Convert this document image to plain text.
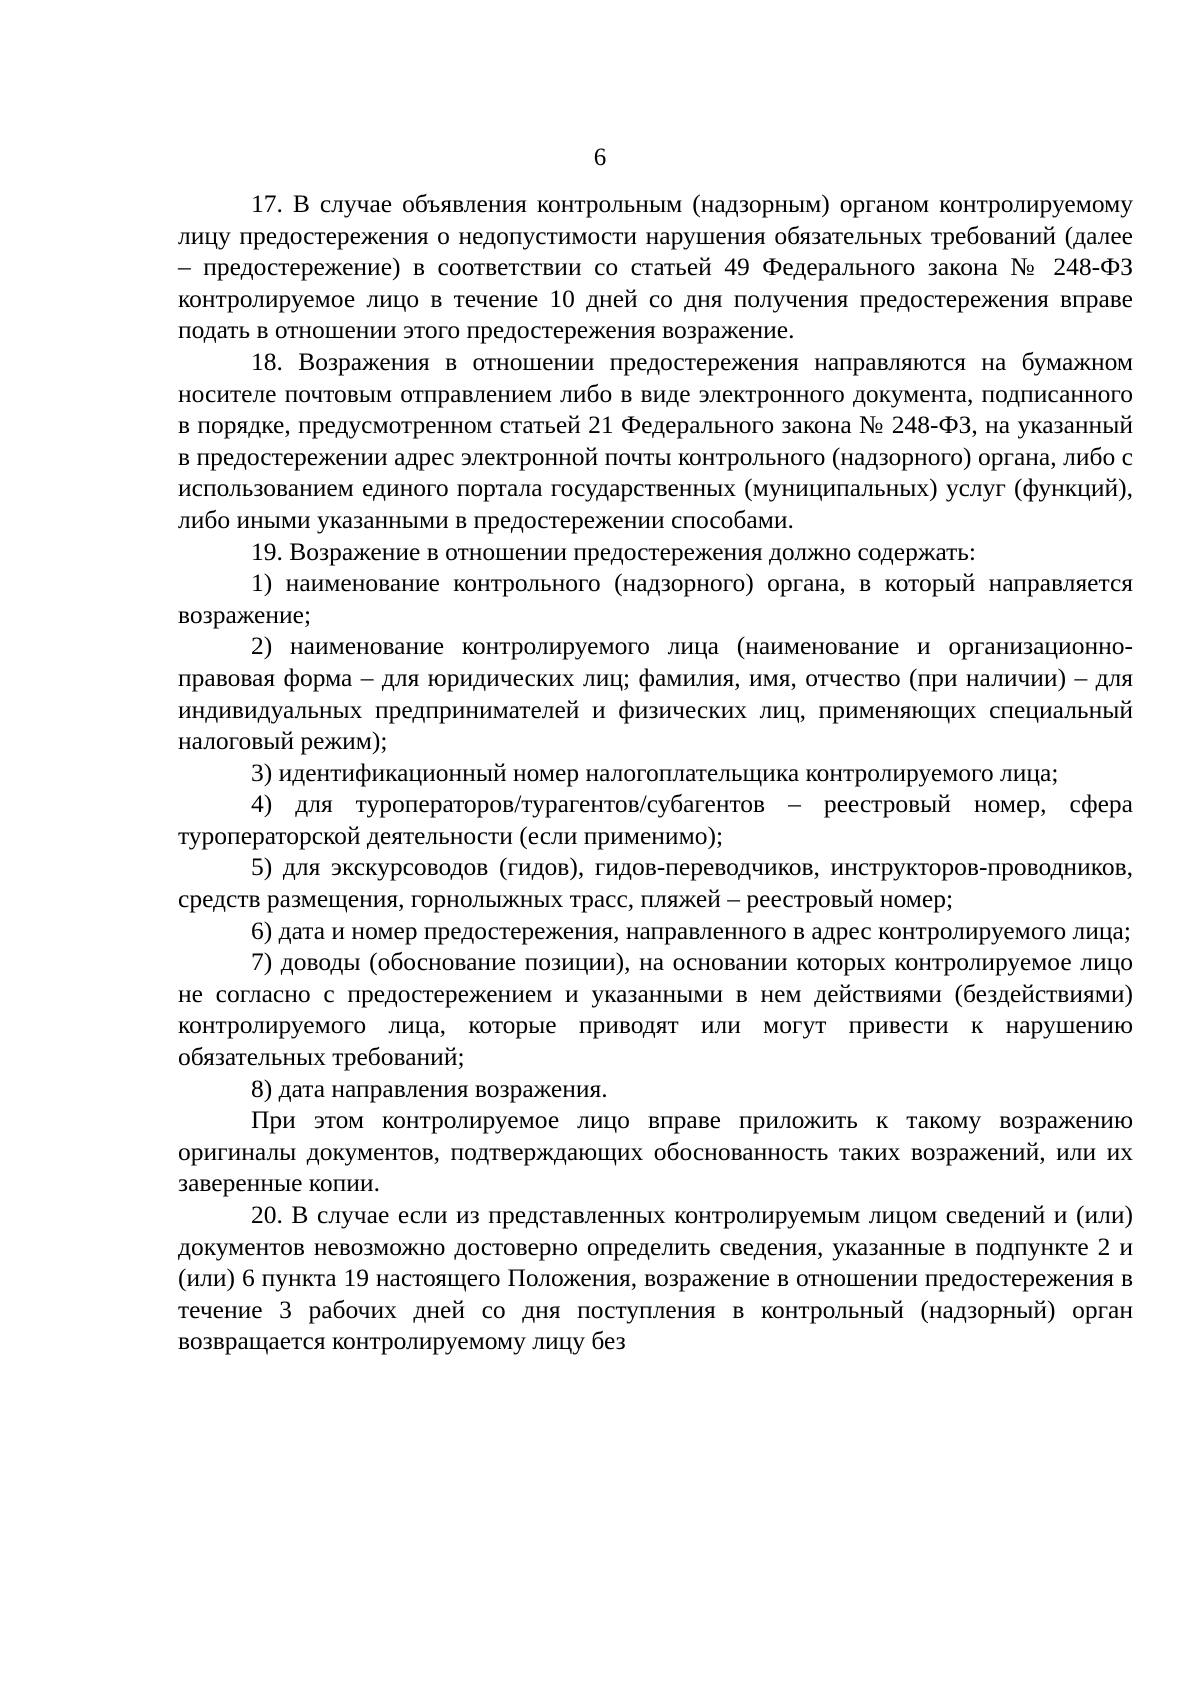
6

17. В случае объявления контрольным (надзорным) органом контролируемому лицу предостережения о недопустимости нарушения обязательных требований (далее – предостережение) в соответствии со статьей 49 Федерального закона № 248-ФЗ контролируемое лицо в течение 10 дней со дня получения предостережения вправе подать в отношении этого предостережения возражение.

18. Возражения в отношении предостережения направляются на бумажном носителе почтовым отправлением либо в виде электронного документа, подписанного в порядке, предусмотренном статьей 21 Федерального закона № 248-ФЗ, на указанный в предостережении адрес электронной почты контрольного (надзорного) органа, либо с использованием единого портала государственных (муниципальных) услуг (функций), либо иными указанными в предостережении способами.

19. Возражение в отношении предостережения должно содержать:

1) наименование контрольного (надзорного) органа, в который направляется возражение;

2) наименование контролируемого лица (наименование и организационно-правовая форма – для юридических лиц; фамилия, имя, отчество (при наличии) – для индивидуальных предпринимателей и физических лиц, применяющих специальный налоговый режим);

3) идентификационный номер налогоплательщика контролируемого лица;

4) для туроператоров/турагентов/субагентов – реестровый номер, сфера туроператорской деятельности (если применимо);

5) для экскурсоводов (гидов), гидов-переводчиков, инструкторов-проводников, средств размещения, горнолыжных трасс, пляжей – реестровый номер;

6) дата и номер предостережения, направленного в адрес контролируемого лица;

7) доводы (обоснование позиции), на основании которых контролируемое лицо не согласно с предостережением и указанными в нем действиями (бездействиями) контролируемого лица, которые приводят или могут привести к нарушению обязательных требований;

8) дата направления возражения.

При этом контролируемое лицо вправе приложить к такому возражению оригиналы документов, подтверждающих обоснованность таких возражений, или их заверенные копии.

20. В случае если из представленных контролируемым лицом сведений и (или) документов невозможно достоверно определить сведения, указанные в подпункте 2 и (или) 6 пункта 19 настоящего Положения, возражение в отношении предостережения в течение 3 рабочих дней со дня поступления в контрольный (надзорный) орган возвращается контролируемому лицу без
